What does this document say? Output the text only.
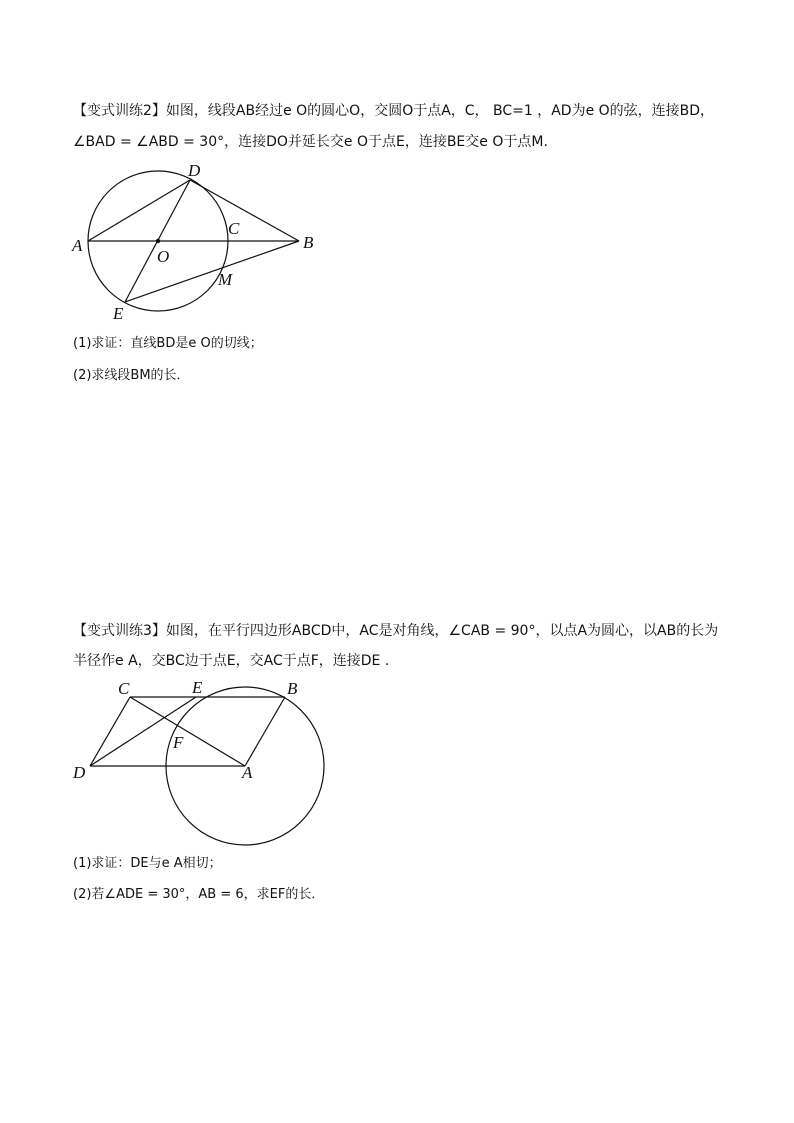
【变式训练2】如图，线段AB经过e O的圆心O，交圆O于点A，C， BC=1 ，AD为e O的弦，连接BD，
∠BAD = ∠ABD = 30°，连接DO并延长交e O于点E，连接BE交e O于点M.
D
C
A
O
B
M
E
C	E	B
F
D	A
(1)求证：直线BD是e O的切线；
(2)求线段BM的长．
【变式训练3】如图，在平行四边形ABCD中，AC是对角线，∠CAB = 90°，以点A为圆心，以AB的长为
半径作e A，交BC边于点E，交AC于点F，连接DE .
(1)求证：DE与e A相切；
(2)若∠ADE = 30°，AB = 6，求EF的长．
